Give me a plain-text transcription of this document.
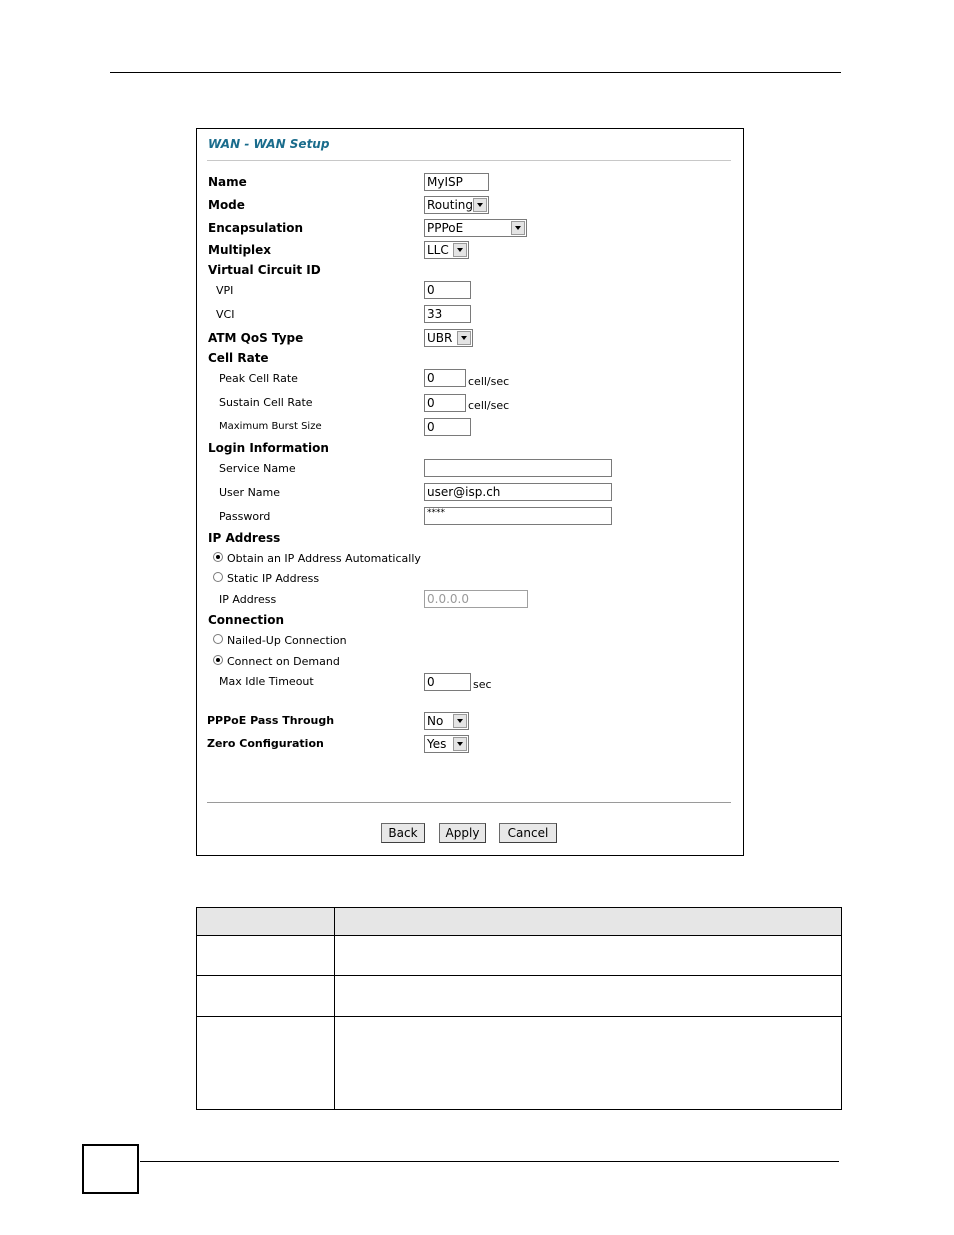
WAN - WAN Setup
Name	MyISP
Mode	Routing
Encapsulation	PPPoE
Multiplex	LLC
Virtual Circuit ID
VPI	0
VCI	33
ATM QoS Type	UBR
Cell Rate
Peak Cell Rate	0	cell/sec
Sustain Cell Rate	0	cell/sec
Maximum Burst Size	0
Login Information
Service Name
User Name	user@isp.ch
Password	****
IP Address
Obtain an IP Address Automatically
Static IP Address
IP Address	0.0.0.0
Connection
Nailed-Up Connection
Connect on Demand
Max Idle Timeout	0	sec
PPPoE Pass Through	No
Zero Configuration	Yes
Back	Apply	Cancel
